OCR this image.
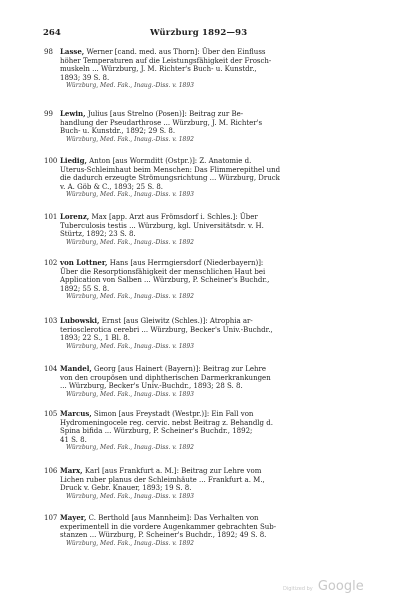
264	Würzburg 1892—93
98 Lasse, Werner [cand. med. aus Thorn]: Über den Einfluss
höher Temperaturen auf die Leistungsfähigkeit der Frosch-
muskeln ... Würzburg, J. M. Richter's Buch- u. Kunstdr.,
1893; 39 S. 8.
Würzburg, Med. Fak., Inaug.-Diss. v. 1893
99 Lewin, Julius [aus Strelno (Posen)]: Beitrag zur Be-
handlung der Pseudarthrose ... Würzburg, J. M. Richter's
Buch- u. Kunstdr., 1892; 29 S. 8.
Würzburg, Med. Fak., Inaug.-Diss. v. 1892
100 Liedig, Anton [aus Wormditt (Ostpr.)]: Z. Anatomie d.
Uterus-Schleimhaut beim Menschen: Das Flimmerepithel und
die dadurch erzeugte Strömungsrichtung ... Würzburg, Druck
v. A. Göb & C., 1893; 25 S. 8.
Würzburg, Med. Fak., Inaug.-Diss. v. 1893
101 Lorenz, Max [app. Arzt aus Frömsdorf i. Schles.]: Über
Tuberculosis testis ... Würzburg, kgl. Universitätsdr. v. H.
Stürtz, 1892; 23 S. 8.
Würzburg, Med. Fak., Inaug.-Diss. v. 1892
102 von Lottner, Hans [aus Herrngiersdorf (Niederbayern)]:
Über die Resorptionsfähigkeit der menschlichen Haut bei
Application von Salben ... Würzburg, P. Scheiner's Buchdr.,
1892; 55 S. 8.
Würzburg, Med. Fak., Inaug.-Diss. v. 1892
103 Lubowski, Ernst [aus Gleiwitz (Schles.)]: Atrophia ar-
teriosclerotica cerebri ... Würzburg, Becker's Univ.-Buchdr.,
1893; 22 S., 1 Bl. 8.
Würzburg, Med. Fak., Inaug.-Diss. v. 1893
104 Mandel, Georg [aus Hainert (Bayern)]: Beitrag zur Lehre
von den croupösen und diphtherischen Darmerkrankungen
... Würzburg, Becker's Univ.-Buchdr., 1893; 28 S. 8.
Würzburg, Med. Fak., Inaug.-Diss. v. 1893
105 Marcus, Simon [aus Freystadt (Westpr.)]: Ein Fall von
Hydromeningocele reg. cervic. nebst Beitrag z. Behandlg d.
Spina bifida ... Würzburg, P. Scheiner's Buchdr., 1892;
41 S. 8.
Würzburg, Med. Fak., Inaug.-Diss. v. 1892
106 Marx, Karl [aus Frankfurt a. M.]: Beitrag zur Lehre vom
Lichen ruber planus der Schleimhäute ... Frankfurt a. M.,
Druck v. Gebr. Knauer, 1893; 19 S. 8.
Würzburg, Med. Fak., Inaug.-Diss. v. 1893
107 Mayer, C. Berthold [aus Mannheim]: Das Verhalten von
experimentell in die vordere Augenkammer gebrachten Sub-
stanzen ... Würzburg, P. Scheiner's Buchdr., 1892; 49 S. 8.
Würzburg, Med. Fak., Inaug.-Diss. v. 1892
Digitized by Google
